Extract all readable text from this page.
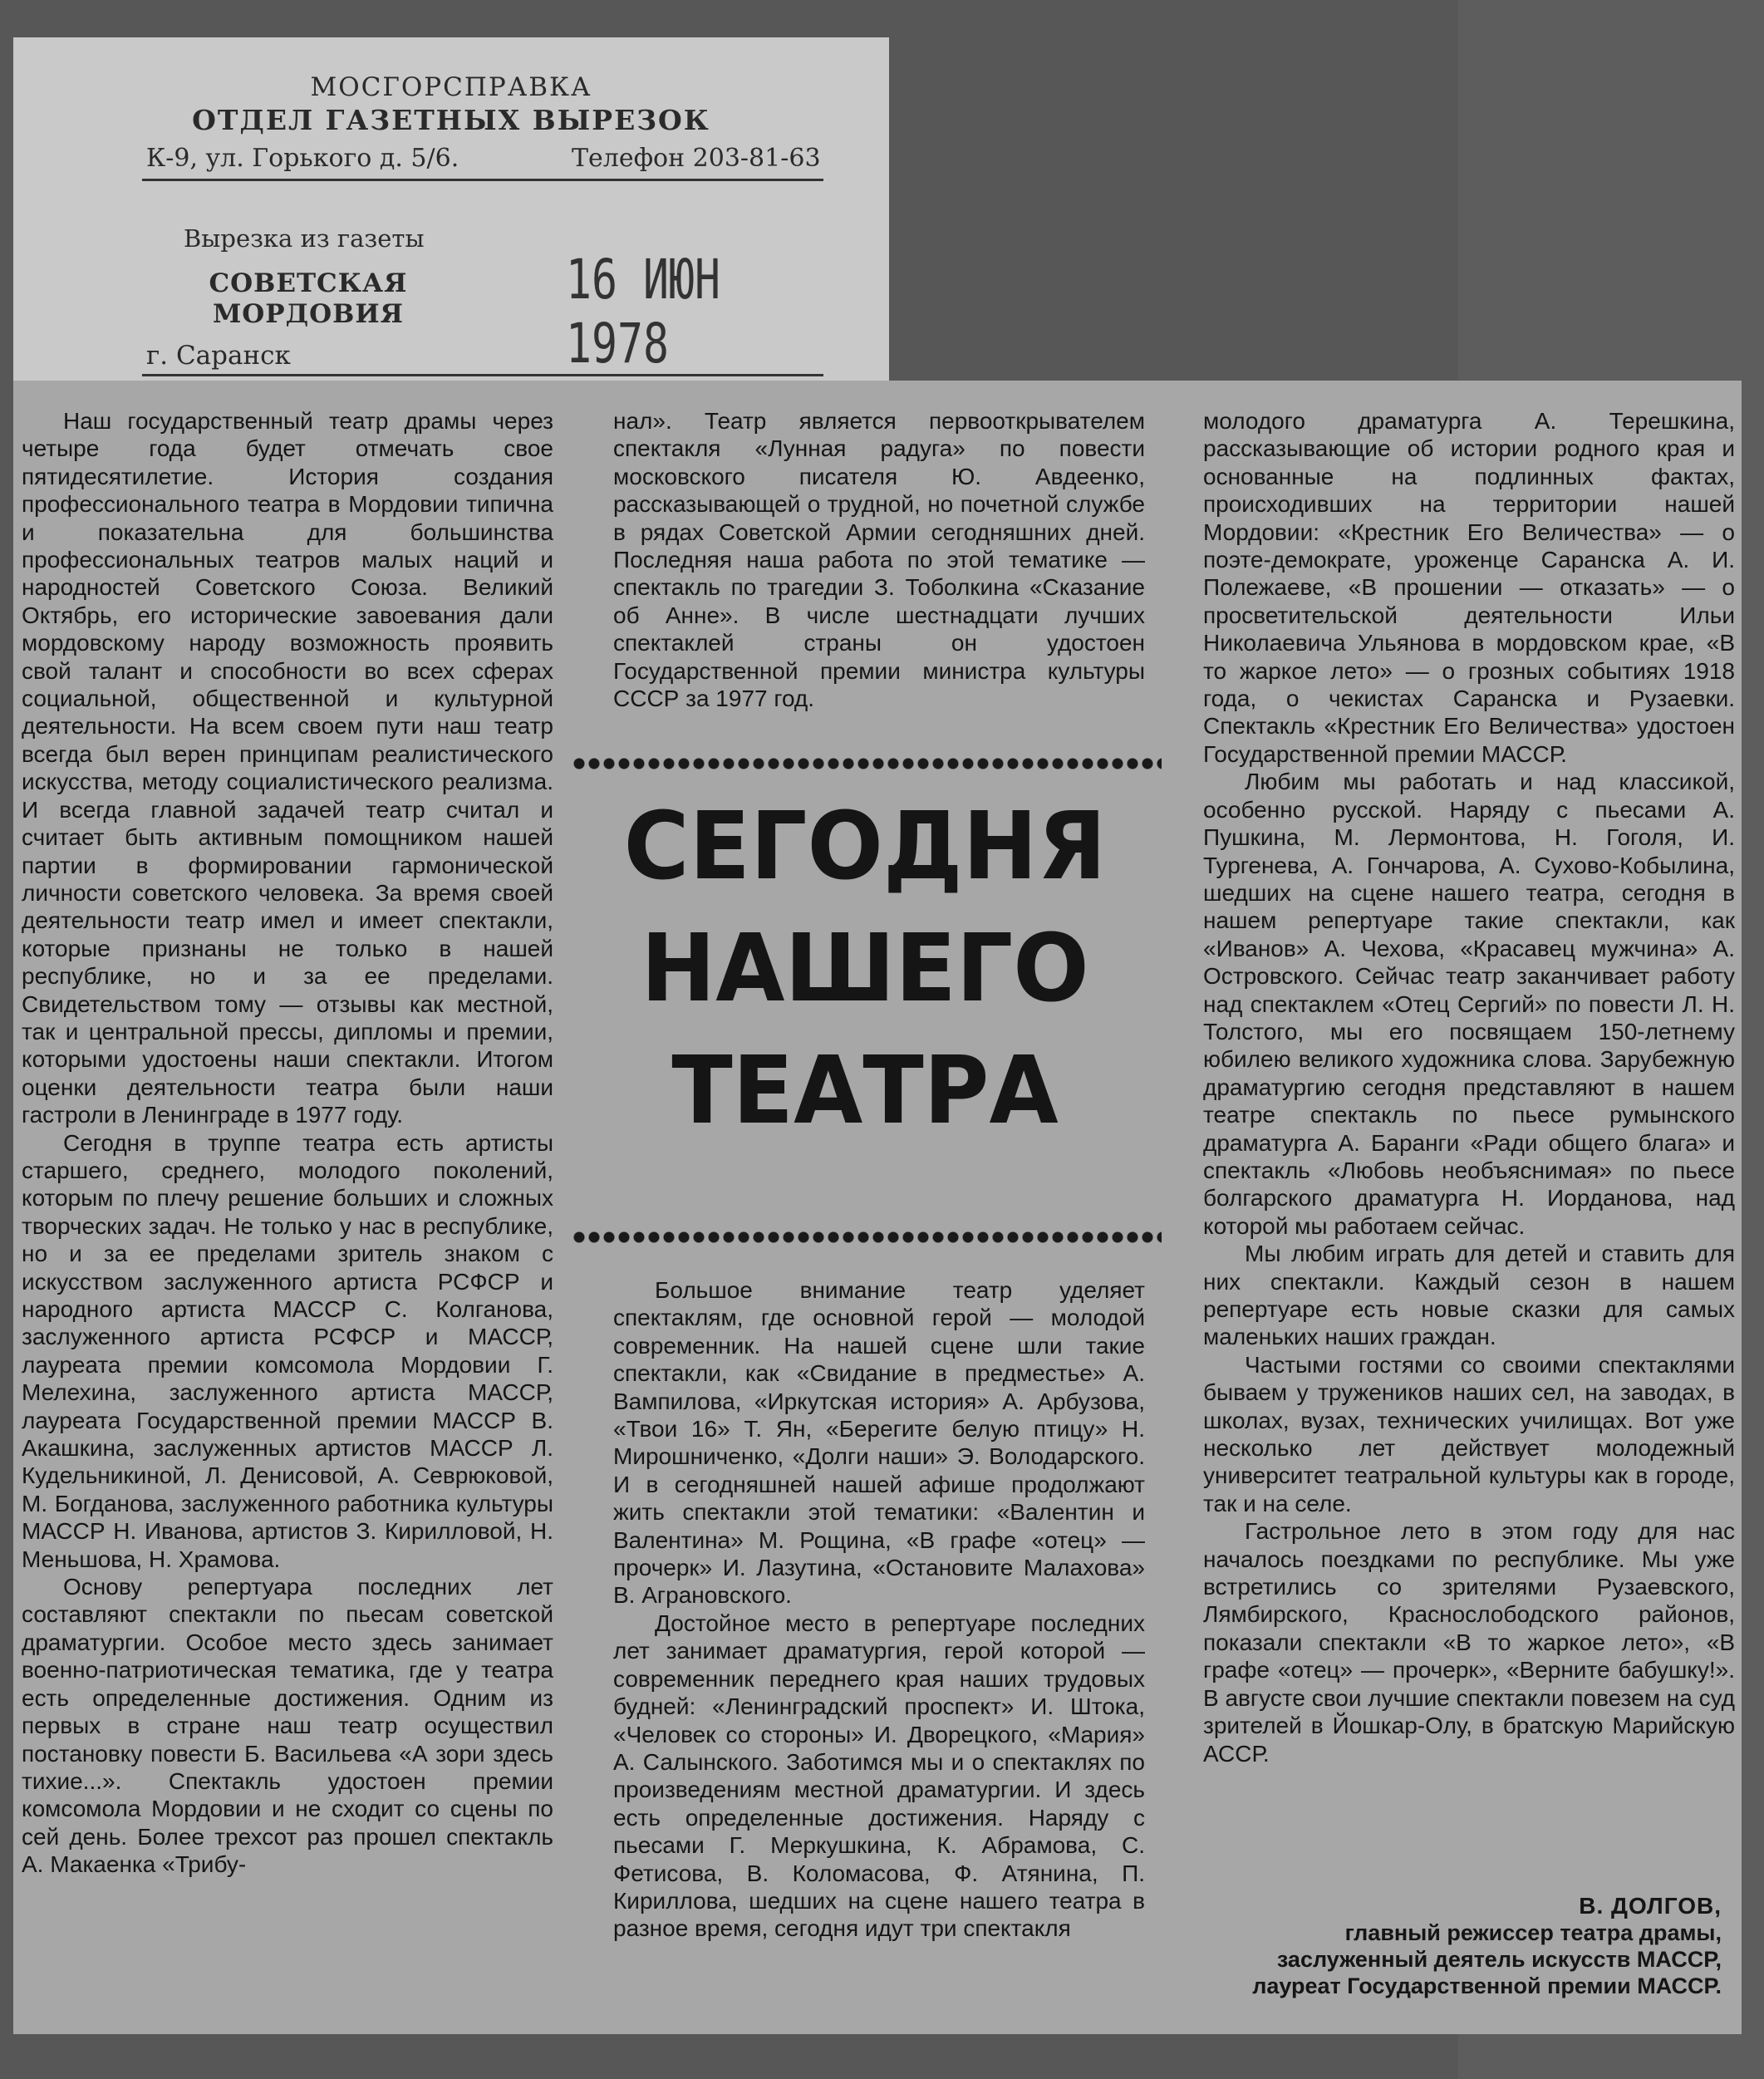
МОСГОРСПРАВКА
ОТДЕЛ ГАЗЕТНЫХ ВЫРЕЗОК
К-9, ул. Горького д. 5/6.	Телефон 203-81-63
Вырезка из газеты
СОВЕТСКАЯ МОРДОВИЯ
16 ИЮН 1978
г. Саранск

Наш государственный театр драмы через четыре года будет отмечать свое пятидесятилетие. История создания профессионального театра в Мордовии типична и показательна для большинства профессиональных театров малых наций и народностей Советского Союза. Великий Октябрь, его исторические завоевания дали мордовскому народу возможность проявить свой талант и способности во всех сферах социальной, общественной и культурной деятельности. На всем своем пути наш театр всегда был верен принципам реалистического искусства, методу социалистического реализма. И всегда главной задачей театр считал и считает быть активным помощником нашей партии в формировании гармонической личности советского человека. За время своей деятельности театр имел и имеет спектакли, которые признаны не только в нашей республике, но и за ее пределами. Свидетельством тому — отзывы как местной, так и центральной прессы, дипломы и премии, которыми удостоены наши спектакли. Итогом оценки деятельности театра были наши гастроли в Ленинграде в 1977 году.

Сегодня в труппе театра есть артисты старшего, среднего, молодого поколений, которым по плечу решение больших и сложных творческих задач. Не только у нас в республике, но и за ее пределами зритель знаком с искусством заслуженного артиста РСФСР и народного артиста МАССР С. Колганова, заслуженного артиста РСФСР и МАССР, лауреата премии комсомола Мордовии Г. Мелехина, заслуженного артиста МАССР, лауреата Государственной премии МАССР В. Акашкина, заслуженных артистов МАССР Л. Кудельникиной, Л. Денисовой, А. Севрюковой, М. Богданова, заслуженного работника культуры МАССР Н. Иванова, артистов З. Кирилловой, Н. Меньшова, Н. Храмова.

Основу репертуара последних лет составляют спектакли по пьесам советской драматургии. Особое место здесь занимает военно-патриотическая тематика, где у театра есть определенные достижения. Одним из первых в стране наш театр осуществил постановку повести Б. Васильева «А зори здесь тихие...». Спектакль удостоен премии комсомола Мордовии и не сходит со сцены по сей день. Более трехсот раз прошел спектакль А. Макаенка «Трибу-

нал». Театр является первооткрывателем спектакля «Лунная радуга» по повести московского писателя Ю. Авдеенко, рассказывающей о трудной, но почетной службе в рядах Советской Армии сегодняшних дней. Последняя наша работа по этой тематике — спектакль по трагедии З. Тоболкина «Сказание об Анне». В числе шестнадцати лучших спектаклей страны он удостоен Государственной премии министра культуры СССР за 1977 год.

СЕГОДНЯ
НАШЕГО
ТЕАТРА

Большое внимание театр уделяет спектаклям, где основной герой — молодой современник. На нашей сцене шли такие спектакли, как «Свидание в предместье» А. Вампилова, «Иркутская история» А. Арбузова, «Твои 16» Т. Ян, «Берегите белую птицу» Н. Мирошниченко, «Долги наши» Э. Володарского. И в сегодняшней нашей афише продолжают жить спектакли этой тематики: «Валентин и Валентина» М. Рощина, «В графе «отец» — прочерк» И. Лазутина, «Остановите Малахова» В. Аграновского.

Достойное место в репертуаре последних лет занимает драматургия, герой которой — современник переднего края наших трудовых будней: «Ленинградский проспект» И. Штока, «Человек со стороны» И. Дворецкого, «Мария» А. Салынского. Заботимся мы и о спектаклях по произведениям местной драматургии. И здесь есть определенные достижения. Наряду с пьесами Г. Меркушкина, К. Абрамова, С. Фетисова, В. Коломасова, Ф. Атянина, П. Кириллова, шедших на сцене нашего театра в разное время, сегодня идут три спектакля

молодого драматурга А. Терешкина, рассказывающие об истории родного края и основанные на подлинных фактах, происходивших на территории нашей Мордовии: «Крестник Его Величества» — о поэте-демократе, уроженце Саранска А. И. Полежаеве, «В прошении — отказать» — о просветительской деятельности Ильи Николаевича Ульянова в мордовском крае, «В то жаркое лето» — о грозных событиях 1918 года, о чекистах Саранска и Рузаевки. Спектакль «Крестник Его Величества» удостоен Государственной премии МАССР.

Любим мы работать и над классикой, особенно русской. Наряду с пьесами А. Пушкина, М. Лермонтова, Н. Гоголя, И. Тургенева, А. Гончарова, А. Сухово-Кобылина, шедших на сцене нашего театра, сегодня в нашем репертуаре такие спектакли, как «Иванов» А. Чехова, «Красавец мужчина» А. Островского. Сейчас театр заканчивает работу над спектаклем «Отец Сергий» по повести Л. Н. Толстого, мы его посвящаем 150-летнему юбилею великого художника слова. Зарубежную драматургию сегодня представляют в нашем театре спектакль по пьесе румынского драматурга А. Баранги «Ради общего блага» и спектакль «Любовь необъяснимая» по пьесе болгарского драматурга Н. Иорданова, над которой мы работаем сейчас.

Мы любим играть для детей и ставить для них спектакли. Каждый сезон в нашем репертуаре есть новые сказки для самых маленьких наших граждан.

Частыми гостями со своими спектаклями бываем у тружеников наших сел, на заводах, в школах, вузах, технических училищах. Вот уже несколько лет действует молодежный университет театральной культуры как в городе, так и на селе.

Гастрольное лето в этом году для нас началось поездками по республике. Мы уже встретились со зрителями Рузаевского, Лямбирского, Краснослободского районов, показали спектакли «В то жаркое лето», «В графе «отец» — прочерк», «Верните бабушку!». В августе свои лучшие спектакли повезем на суд зрителей в Йошкар-Олу, в братскую Марийскую АССР.

В. ДОЛГОВ,
главный режиссер театра драмы, заслуженный деятель искусств МАССР, лауреат Государственной премии МАССР.
